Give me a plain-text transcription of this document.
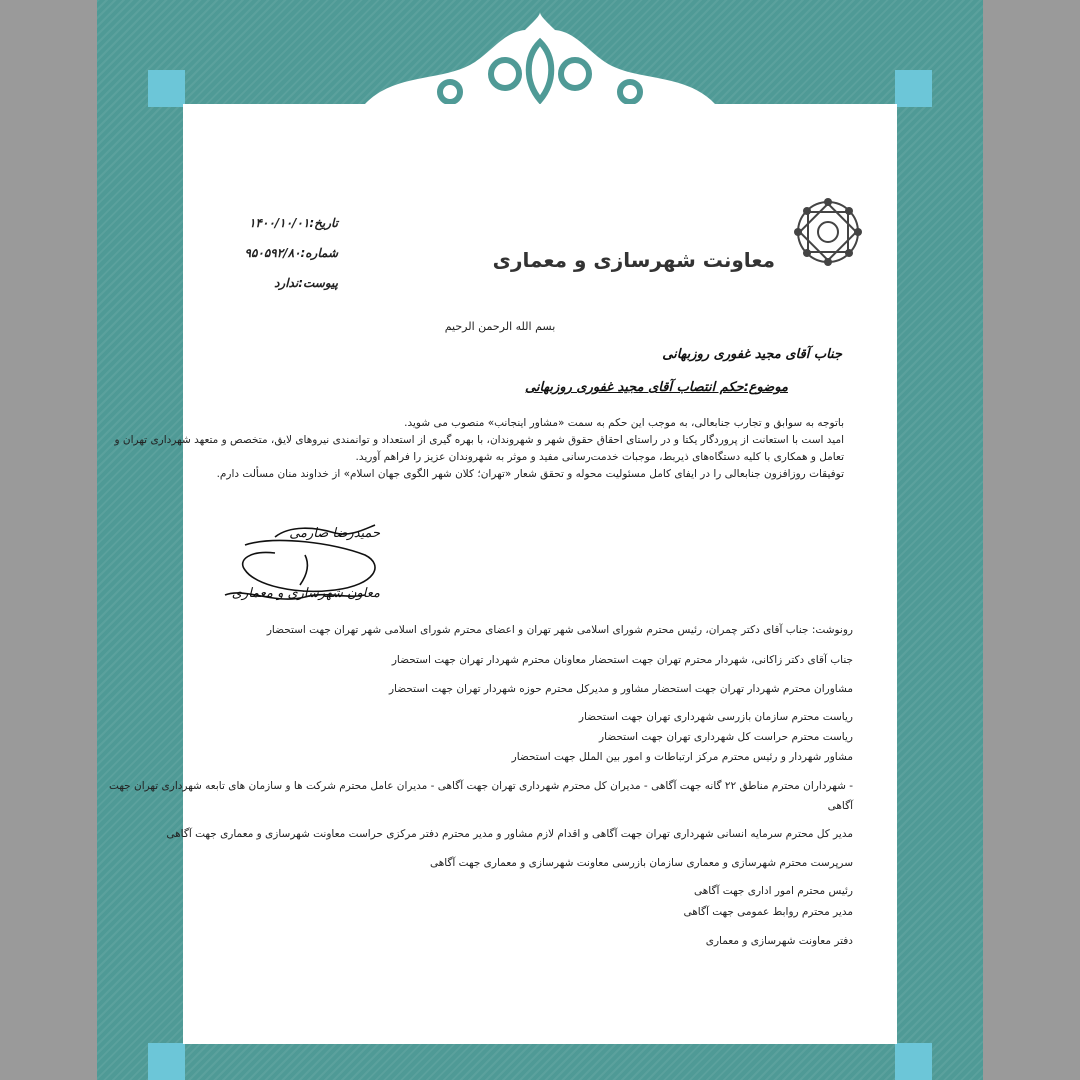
معاونت شهرسازی و معماری
تاریخ:۱۴۰۰/۱۰/۰۱
شماره:۹۵۰۵۹۲/۸۰
پیوست:ندارد
بسم الله الرحمن الرحیم
جناب آقای مجید غفوری روزبهانی
موضوع:حکم انتصاب آقای مجید غفوری روزبهانی
باتوجه به سوابق و تجارب جنابعالی، به موجب این حکم به سمت «مشاور اینجانب» منصوب می شوید.
امید است با استعانت از پروردگار یکتا و در راستای احقاق حقوق شهر و شهروندان، با بهره گیری از استعداد و توانمندی نیروهای لایق، متخصص و متعهد شهرداری تهران و
تعامل و همکاری با کلیه دستگاه‌های ذیربط، موجبات خدمت‌رسانی مفید و موثر به شهروندان عزیز را فراهم آورید.
توفیقات روزافزون جنابعالی را در ایفای کامل مسئولیت محوله و تحقق شعار «تهران؛ کلان شهر الگوی جهان اسلام» از خداوند منان مسألت دارم.
حمیدرضا صارمی
معاون شهرسازی و معماری
رونوشت: جناب آقای دکتر چمران، رئیس محترم شورای اسلامی شهر تهران و اعضای محترم شورای اسلامی شهر تهران جهت استحضار
جناب آقای دکتر زاکانی، شهردار محترم تهران جهت استحضار معاونان محترم شهردار تهران جهت استحضار
مشاوران محترم شهردار تهران جهت استحضار مشاور و مدیرکل محترم حوزه شهردار تهران جهت استحضار
ریاست محترم سازمان بازرسی شهرداری تهران جهت استحضار
ریاست محترم حراست کل شهرداری تهران جهت استحضار
مشاور شهردار و رئیس محترم مرکز ارتباطات و امور بین الملل جهت استحضار
- شهرداران محترم مناطق ۲۲ گانه جهت آگاهی - مدیران کل محترم شهرداری تهران جهت آگاهی - مدیران عامل محترم شرکت ها و سازمان های تابعه شهرداری تهران جهت
آگاهی
مدیر کل محترم سرمایه انسانی شهرداری تهران جهت آگاهی و اقدام لازم مشاور و مدیر محترم دفتر مرکزی حراست معاونت شهرسازی و معماری جهت آگاهی
سرپرست محترم شهرسازی و معماری سازمان بازرسی معاونت شهرسازی و معماری جهت آگاهی
رئیس محترم امور اداری جهت آگاهی
مدیر محترم روابط عمومی جهت آگاهی
دفتر معاونت شهرسازی و معماری
